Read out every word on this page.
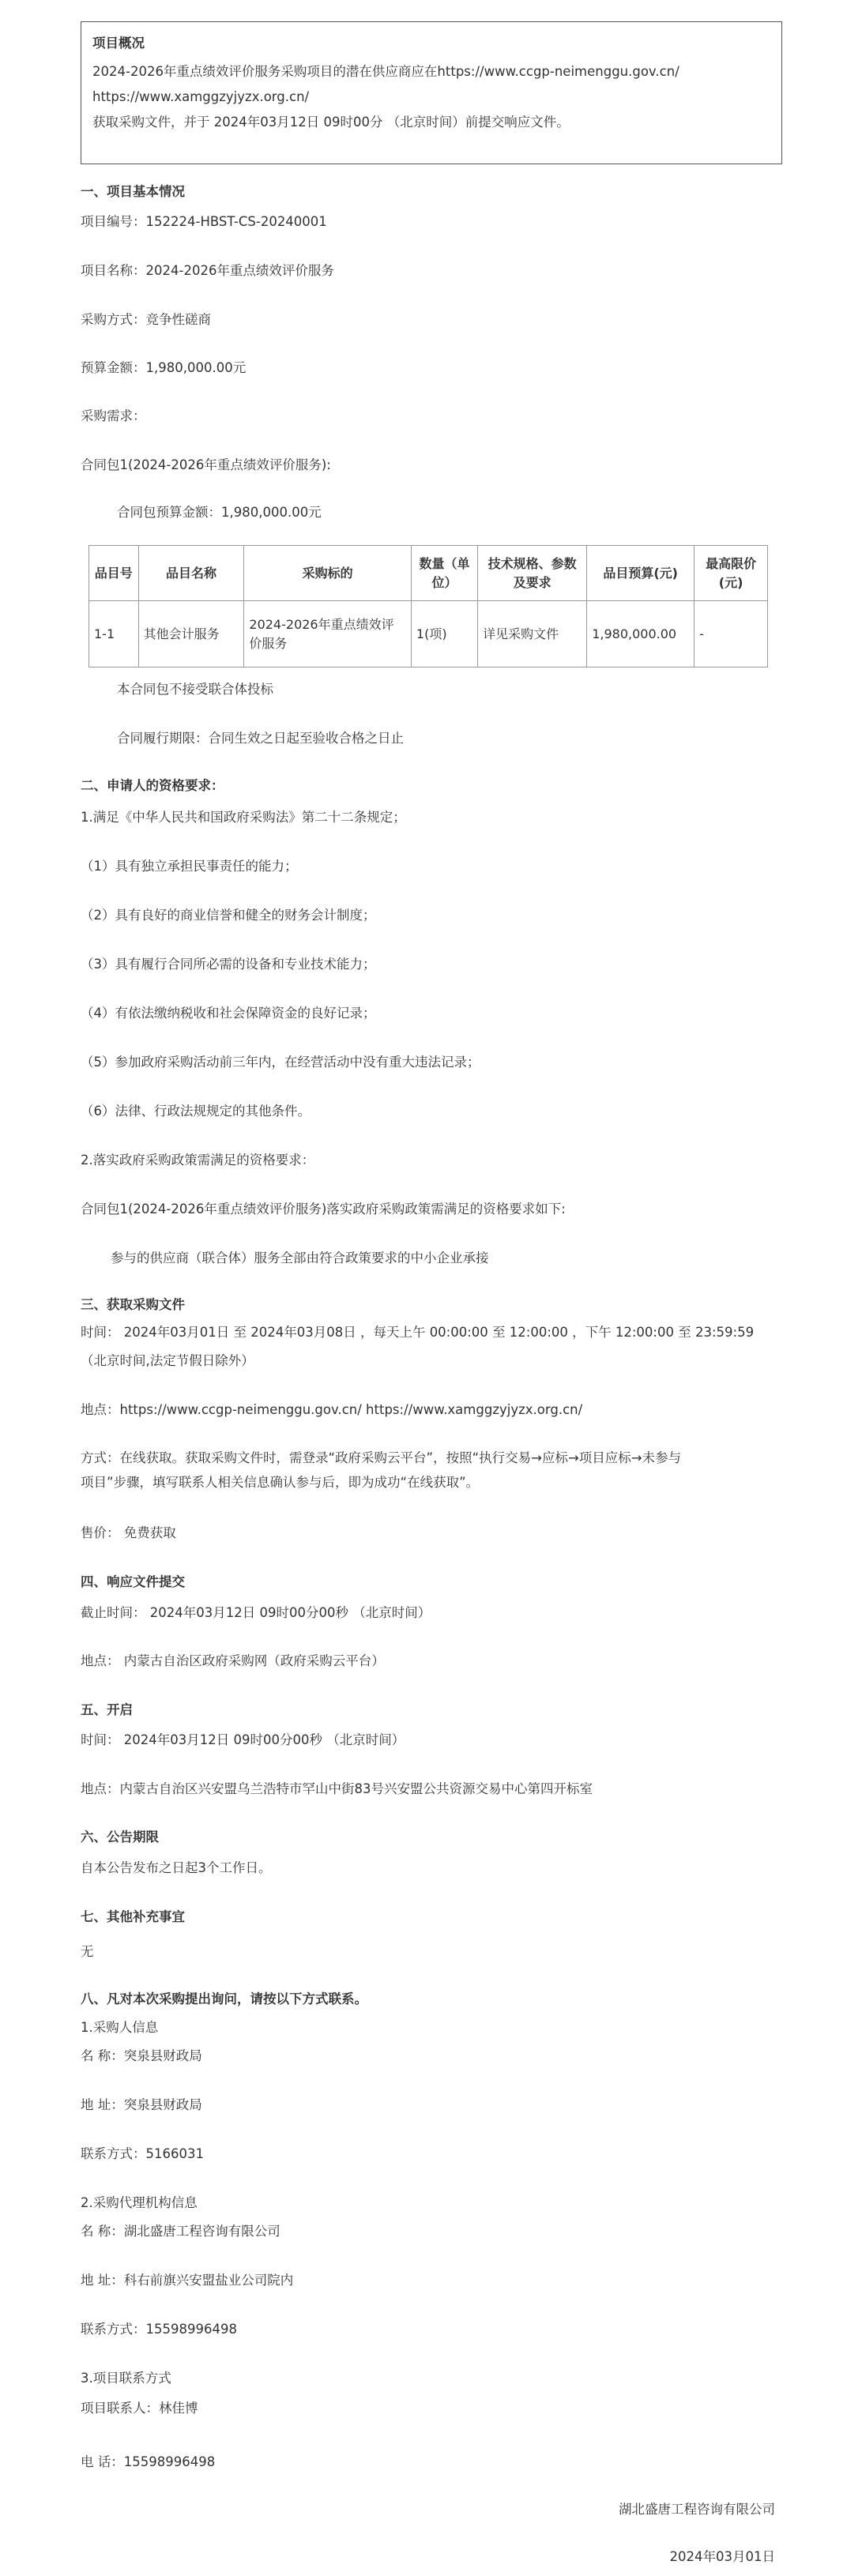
项目概况
2024-2026年重点绩效评价服务采购项目的潜在供应商应在https://www.ccgp-neimenggu.gov.cn/
https://www.xamggzyjyzx.org.cn/
获取采购文件，并于 2024年03月12日 09时00分 （北京时间）前提交响应文件。
一、项目基本情况
项目编号：152224-HBST-CS-20240001
项目名称：2024-2026年重点绩效评价服务
采购方式：竞争性磋商
预算金额：1,980,000.00元
采购需求：
合同包1(2024-2026年重点绩效评价服务):
合同包预算金额：1,980,000.00元
品目号	品目名称	采购标的	数量（单位）	技术规格、参数及要求	品目预算(元)	最高限价(元)
1-1	其他会计服务	2024-2026年重点绩效评价服务	1(项)	详见采购文件	1,980,000.00	-
本合同包不接受联合体投标
合同履行期限：合同生效之日起至验收合格之日止
二、申请人的资格要求：
1.满足《中华人民共和国政府采购法》第二十二条规定；
（1）具有独立承担民事责任的能力；
（2）具有良好的商业信誉和健全的财务会计制度；
（3）具有履行合同所必需的设备和专业技术能力；
（4）有依法缴纳税收和社会保障资金的良好记录；
（5）参加政府采购活动前三年内，在经营活动中没有重大违法记录；
（6）法律、行政法规规定的其他条件。
2.落实政府采购政策需满足的资格要求：
合同包1(2024-2026年重点绩效评价服务)落实政府采购政策需满足的资格要求如下:
参与的供应商（联合体）服务全部由符合政策要求的中小企业承接
三、获取采购文件
时间： 2024年03月01日 至 2024年03月08日 ，每天上午 00:00:00 至 12:00:00 ，下午 12:00:00 至 23:59:59
（北京时间,法定节假日除外）
地点：https://www.ccgp-neimenggu.gov.cn/ https://www.xamggzyjyzx.org.cn/
方式：在线获取。获取采购文件时，需登录“政府采购云平台”，按照“执行交易→应标→项目应标→未参与
项目”步骤，填写联系人相关信息确认参与后，即为成功“在线获取”。
售价： 免费获取
四、响应文件提交
截止时间： 2024年03月12日 09时00分00秒 （北京时间）
地点： 内蒙古自治区政府采购网（政府采购云平台）
五、开启
时间： 2024年03月12日 09时00分00秒 （北京时间）
地点：内蒙古自治区兴安盟乌兰浩特市罕山中街83号兴安盟公共资源交易中心第四开标室
六、公告期限
自本公告发布之日起3个工作日。
七、其他补充事宜
无
八、凡对本次采购提出询问，请按以下方式联系。
1.采购人信息
名 称：突泉县财政局
地 址：突泉县财政局
联系方式：5166031
2.采购代理机构信息
名 称：湖北盛唐工程咨询有限公司
地 址：科右前旗兴安盟盐业公司院内
联系方式：15598996498
3.项目联系方式
项目联系人：林佳博
电 话：15598996498
湖北盛唐工程咨询有限公司
2024年03月01日
